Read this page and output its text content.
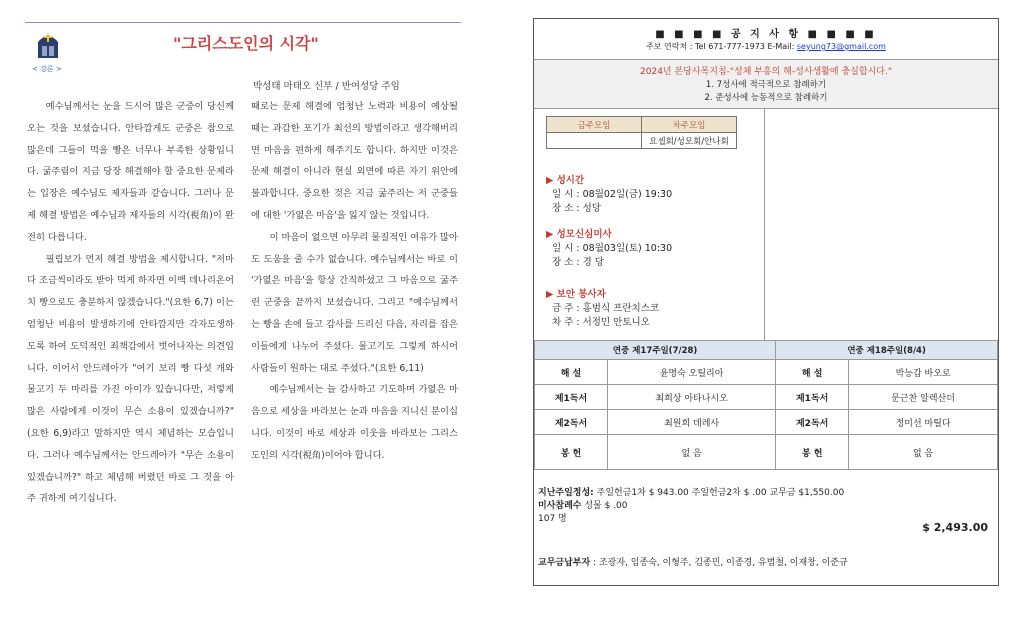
< 강론 >
"그리스도인의 시각"
박성태 마태오 신부 / 반여성당 주임

예수님께서는 눈을 드시어 많은 군중이 당신께 오는 것을 보셨습니다. 안타깝게도 군중은 참으로 많은데 그들이 먹을 빵은 너무나 부족한 상황입니다. 굶주림이 지금 당장 해결해야 할 중요한 문제라는 입장은 예수님도 제자들과 같습니다. 그러나 문제 해결 방법은 예수님과 제자들의 시각(視角)이 완전히 다릅니다.

필립보가 먼저 해결 방법을 제시합니다. "저마다 조금씩이라도 받아 먹게 하자면 이백 데나리온어치 빵으로도 충분하지 않겠습니다."(요한 6,7) 이는 엄청난 비용이 발생하기에 안타깝지만 각자도생하도록 하여 도덕적인 죄책감에서 벗어나자는 의견입니다. 이어서 안드레아가 "여기 보리 빵 다섯 개와 물고기 두 마리를 가진 아이가 있습니다만, 저렇게 많은 사람에게 이것이 무슨 소용이 있겠습니까?"(요한 6,9)라고 말하지만 역시 체념하는 모습입니다. 그러나 예수님께서는 안드레아가 "무슨 소용이 있겠습니까?" 하고 체념해 버렸던 바로 그 것을 아주 귀하게 여기십니다.

때로는 문제 해결에 엄청난 노력과 비용이 예상될 때는 과감한 포기가 최선의 방법이라고 생각해버리면 마음을 편하게 해주기도 합니다. 하지만 이것은 문제 해결이 아니라 현실 외면에 따른 자기 위안에 불과합니다. 중요한 것은 지금 굶주리는 저 군중들에 대한 '가엾은 마음'을 잃지 않는 것입니다.

이 마음이 없으면 아무리 물질적인 여유가 많아도 도움을 줄 수가 없습니다. 예수님께서는 바로 이 '가엾은 마음'을 항상 간직하셨고 그 마음으로 굶주린 군중을 끝까지 보셨습니다. 그리고 "예수님께서는 빵을 손에 들고 감사를 드리신 다음, 자리를 잡은 이들에게 나누어 주셨다. 물고기도 그렇게 하시어 사람들이 원하는 대로 주셨다."(요한 6,11)

예수님께서는 늘 감사하고 기도하며 가엾은 마음으로 세상을 바라보는 눈과 마음을 지니신 분이십니다. 이것이 바로 세상과 이웃을 바라보는 그리스도인의 시각(視角)이어야 합니다.

■ ■ ■ ■ 공 지 사 항 ■ ■ ■ ■
주보 연락처 : Tel 671-777-1973 E-Mail: seyung73@gmail.com
2024년 본당사목지침-"성체 부흥의 해-성사생활에 충실합시다."
1. 7성사에 적극적으로 참례하기
2. 준성사에 능동적으로 참례하기
금주모임	차주모임
	요셉회/성모회/안나회
▶ 성시간
일 시 : 08월02일(금) 19:30
장 소 : 성당
▶ 성모신심미사
일 시 : 08월03일(토) 10:30
장 소 : 경 당
▶ 보안 봉사자
금 주 : 홍범식 프란치스코
차 주 : 서정민 안토니오
연중 제17주일(7/28)		연중 제18주일(8/4)	
해 설	윤명숙 오틸리아	해 설	박능갑 바오로
제1독서	최희상 아타나시오	제1독서	문근찬 알렉산더
제2독서	최원희 데레사	제2독서	정미선 마틸다
봉 헌	없 음	봉 헌	없 음
지난주일정성: 주일헌금1차 $ 943.00 주일헌금2차 $ .00 교무금 $1,550.00
미사참례수 성물 $ .00
107 명
$ 2,493.00
교무금납부자 : 조광자, 임종숙, 이형주, 김종민, 이종경, 유범철, 이재창, 이준규
